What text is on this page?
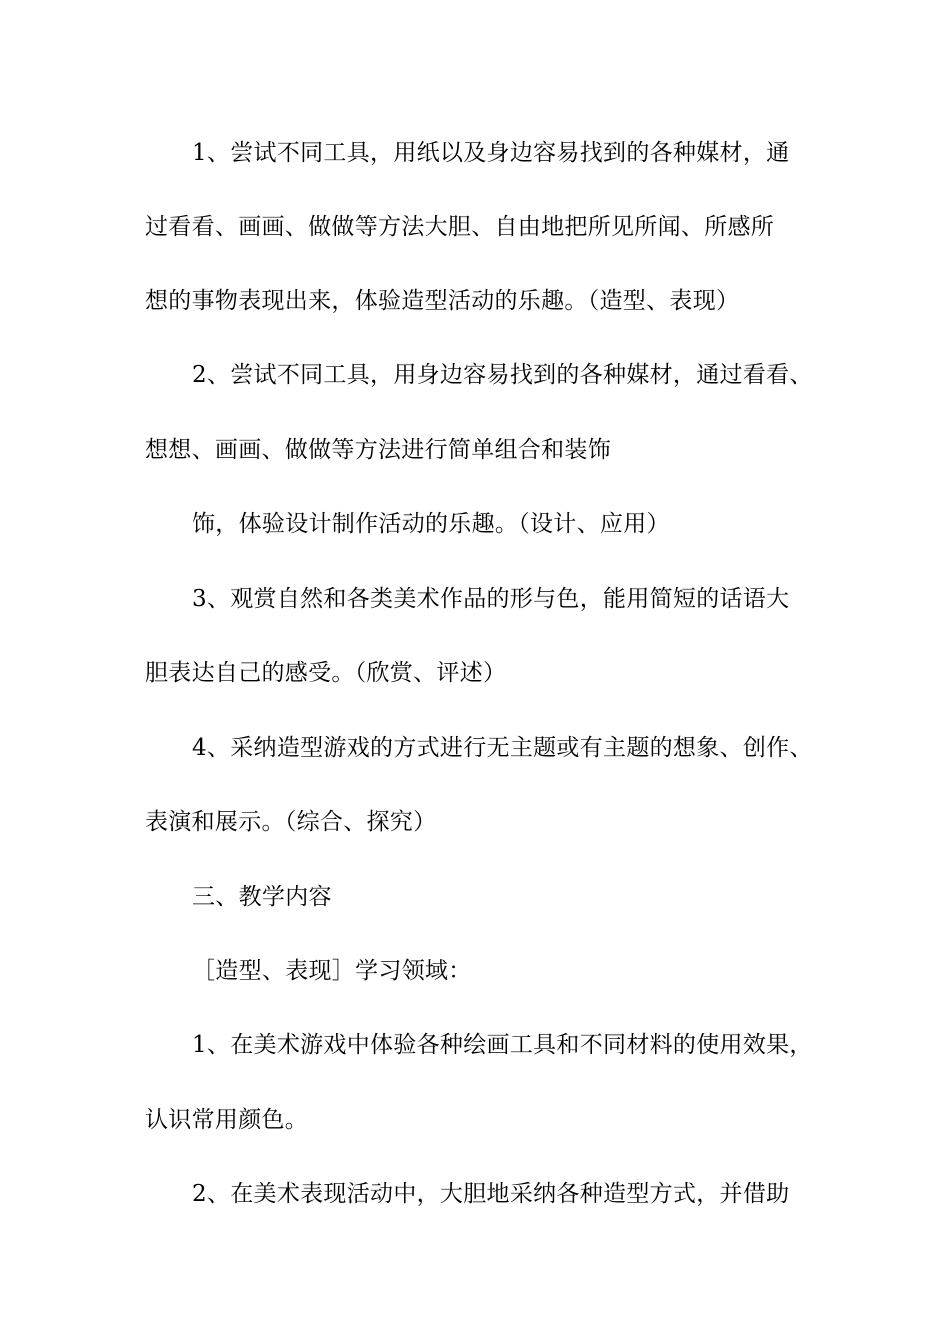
1、尝试不同工具，用纸以及身边容易找到的各种媒材，通
过看看、画画、做做等方法大胆、自由地把所见所闻、所感所
想的事物表现出来，体验造型活动的乐趣。（造型、表现）
2、尝试不同工具，用身边容易找到的各种媒材，通过看看、
想想、画画、做做等方法进行简单组合和装饰
饰，体验设计制作活动的乐趣。（设计、应用）
3、观赏自然和各类美术作品的形与色，能用简短的话语大
胆表达自己的感受。（欣赏、评述）
4、采纳造型游戏的方式进行无主题或有主题的想象、创作、
表演和展示。（综合、探究）
三、教学内容
［造型、表现］学习领域：
1、在美术游戏中体验各种绘画工具和不同材料的使用效果，
认识常用颜色。
2、在美术表现活动中，大胆地采纳各种造型方式，并借助
